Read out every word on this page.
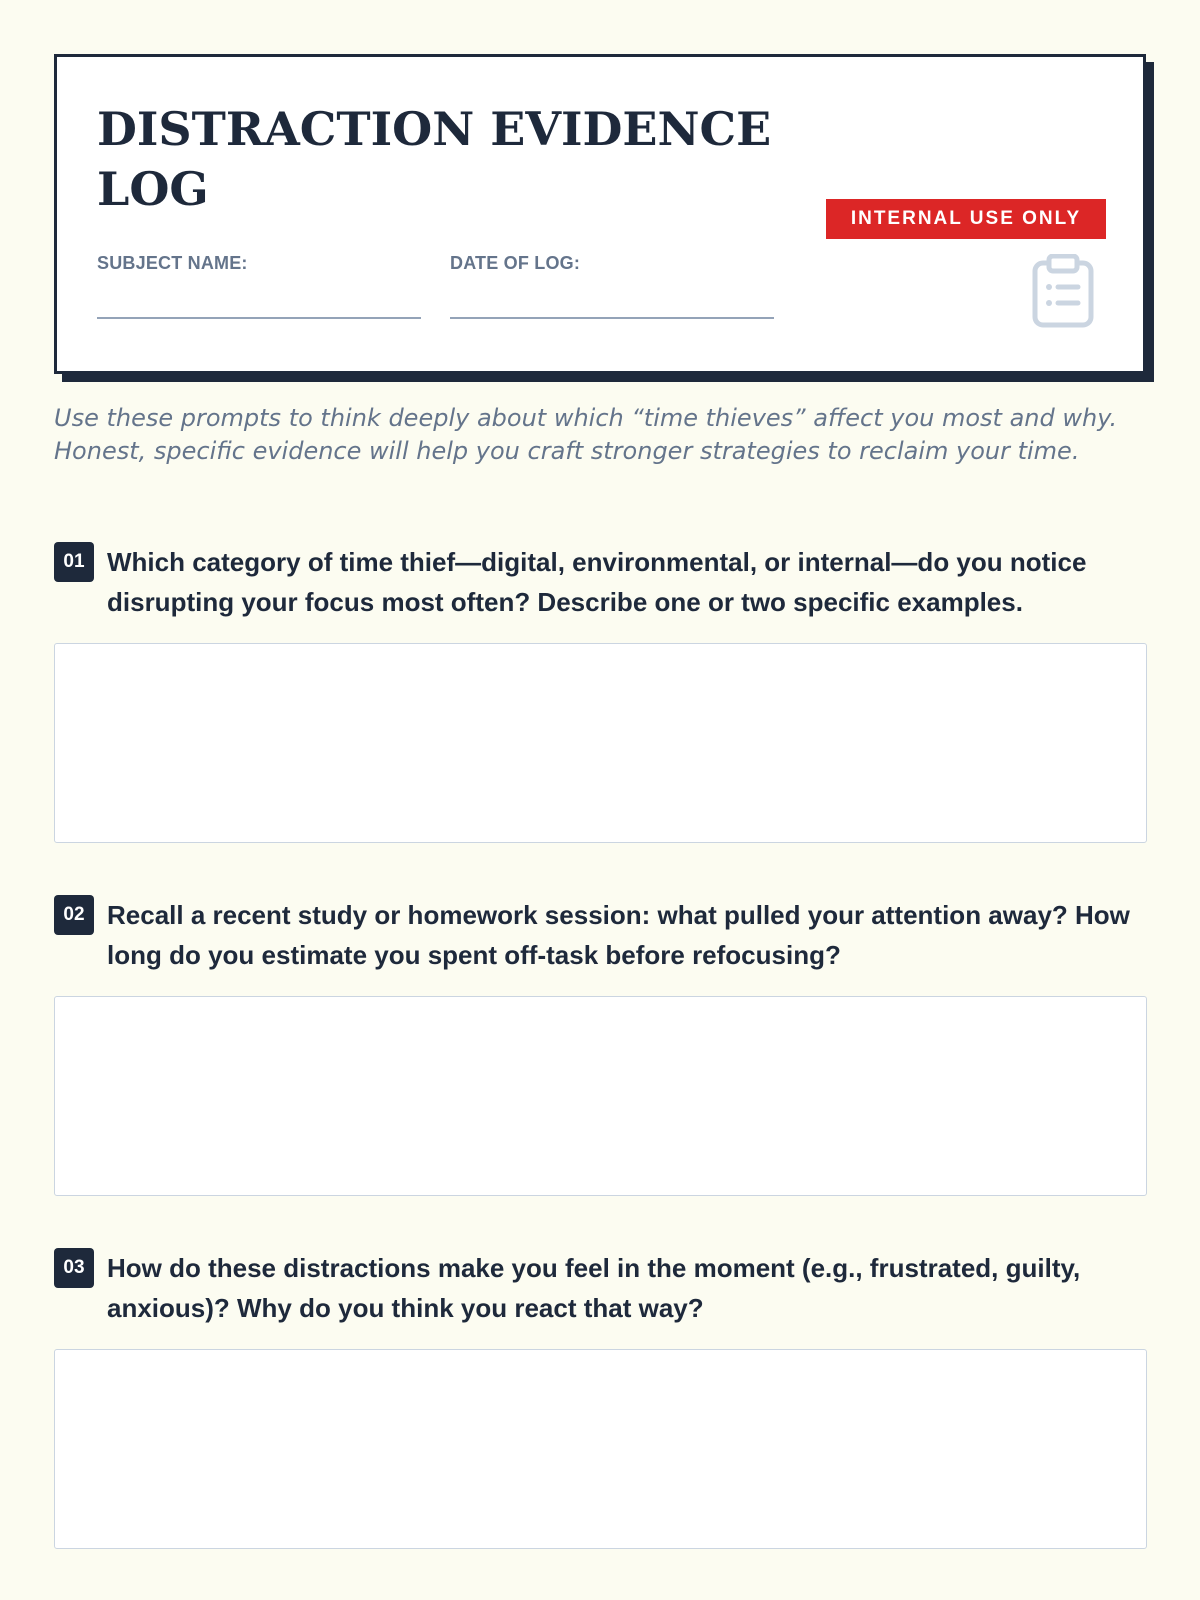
DISTRACTION EVIDENCE LOG
INTERNAL USE ONLY
SUBJECT NAME:	DATE OF LOG:

Use these prompts to think deeply about which “time thieves” affect you most and why. Honest, specific evidence will help you craft stronger strategies to reclaim your time.

01 Which category of time thief—digital, environmental, or internal—do you notice disrupting your focus most often? Describe one or two specific examples.

02 Recall a recent study or homework session: what pulled your attention away? How long do you estimate you spent off-task before refocusing?

03 How do these distractions make you feel in the moment (e.g., frustrated, guilty, anxious)? Why do you think you react that way?
